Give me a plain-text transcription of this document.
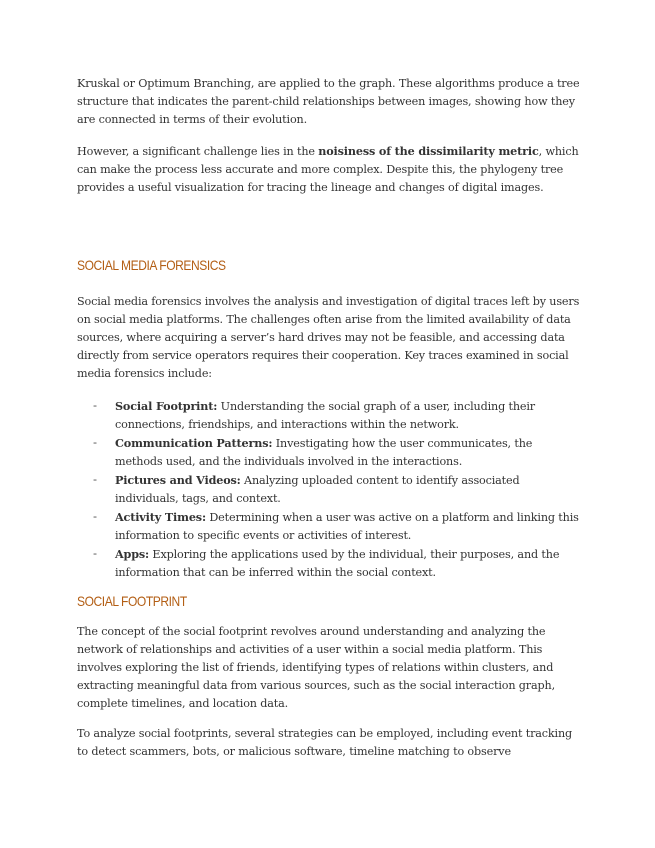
Kruskal or Optimum Branching, are applied to the graph. These algorithms produce a tree structure that indicates the parent-child relationships between images, showing how they are connected in terms of their evolution.

However, a significant challenge lies in the noisiness of the dissimilarity metric, which can make the process less accurate and more complex. Despite this, the phylogeny tree provides a useful visualization for tracing the lineage and changes of digital images.

SOCIAL MEDIA FORENSICS

Social media forensics involves the analysis and investigation of digital traces left by users on social media platforms. The challenges often arise from the limited availability of data sources, where acquiring a server’s hard drives may not be feasible, and accessing data directly from service operators requires their cooperation. Key traces examined in social media forensics include:

- Social Footprint: Understanding the social graph of a user, including their connections, friendships, and interactions within the network.
- Communication Patterns: Investigating how the user communicates, the methods used, and the individuals involved in the interactions.
- Pictures and Videos: Analyzing uploaded content to identify associated individuals, tags, and context.
- Activity Times: Determining when a user was active on a platform and linking this information to specific events or activities of interest.
- Apps: Exploring the applications used by the individual, their purposes, and the information that can be inferred within the social context.
SOCIAL FOOTPRINT

The concept of the social footprint revolves around understanding and analyzing the network of relationships and activities of a user within a social media platform. This involves exploring the list of friends, identifying types of relations within clusters, and extracting meaningful data from various sources, such as the social interaction graph, complete timelines, and location data.

To analyze social footprints, several strategies can be employed, including event tracking to detect scammers, bots, or malicious software, timeline matching to observe
